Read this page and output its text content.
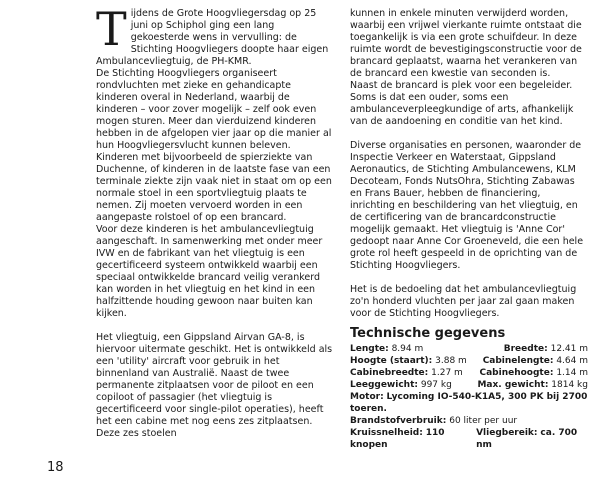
T ijdens de Grote Hoogvliegersdag op 25 juni op Schiphol ging een lang gekoesterde wens in vervulling: de Stichting Hoogvliegers doopte haar eigen Ambulancevliegtuig, de PH-KMR.

De Stichting Hoogvliegers organiseert rondvluchten met zieke en gehandicapte kinderen overal in Nederland, waarbij de kinderen – voor zover mogelijk – zelf ook even mogen sturen. Meer dan vierduizend kinderen hebben in de afgelopen vier jaar op die manier al hun Hoogvliegersvlucht kunnen beleven.

Kinderen met bijvoorbeeld de spierziekte van Duchenne, of kinderen in de laatste fase van een terminale ziekte zijn vaak niet in staat om op een normale stoel in een sportvliegtuig plaats te nemen. Zij moeten vervoerd worden in een aangepaste rolstoel of op een brancard.

Voor deze kinderen is het ambulancevliegtuig aangeschaft. In samenwerking met onder meer IVW en de fabrikant van het vliegtuig is een gecertificeerd systeem ontwikkeld waarbij een speciaal ontwikkelde brancard veilig verankerd kan worden in het vliegtuig en het kind in een halfzittende houding gewoon naar buiten kan kijken.

Het vliegtuig, een Gippsland Airvan GA-8, is hiervoor uitermate geschikt. Het is ontwikkeld als een 'utility' aircraft voor gebruik in het binnenland van Australië. Naast de twee permanente zitplaatsen voor de piloot en een copiloot of passagier (het vliegtuig is gecertificeerd voor single-pilot operaties), heeft het een cabine met nog eens zes zitplaatsen. Deze zes stoelen

kunnen in enkele minuten verwijderd worden, waarbij een vrijwel vierkante ruimte ontstaat die toegankelijk is via een grote schuifdeur. In deze ruimte wordt de bevestigingsconstructie voor de brancard geplaatst, waarna het verankeren van de brancard een kwestie van seconden is.

Naast de brancard is plek voor een begeleider. Soms is dat een ouder, soms een ambulanceverpleegkundige of arts, afhankelijk van de aandoening en conditie van het kind.

Diverse organisaties en personen, waaronder de Inspectie Verkeer en Waterstaat, Gippsland Aeronautics, de Stichting Ambulancewens, KLM Decoteam, Fonds NutsOhra, Stichting Zabawas en Frans Bauer, hebben de financiering, inrichting en beschildering van het vliegtuig, en de certificering van de brancardconstructie mogelijk gemaakt. Het vliegtuig is 'Anne Cor' gedoopt naar Anne Cor Groeneveld, die een hele grote rol heeft gespeeld in de oprichting van de Stichting Hoogvliegers.

Het is de bedoeling dat het ambulancevliegtuig zo'n honderd vluchten per jaar zal gaan maken voor de Stichting Hoogvliegers.

Technische gegevens
Lengte: 8.94 m	Breedte: 12.41 m
Hoogte (staart): 3.88 m Cabinelengte: 4.64 m
Cabinebreedte: 1.27 m Cabinehoogte: 1.14 m
Leeggewicht: 997 kg	Max. gewicht: 1814 kg
Motor: Lycoming IO-540-K1A5, 300 PK bij 2700 toeren.
Brandstofverbruik: 60 liter per uur
Kruissnelheid: 110 knopen
Vliegbereik: ca. 700 nm
18
